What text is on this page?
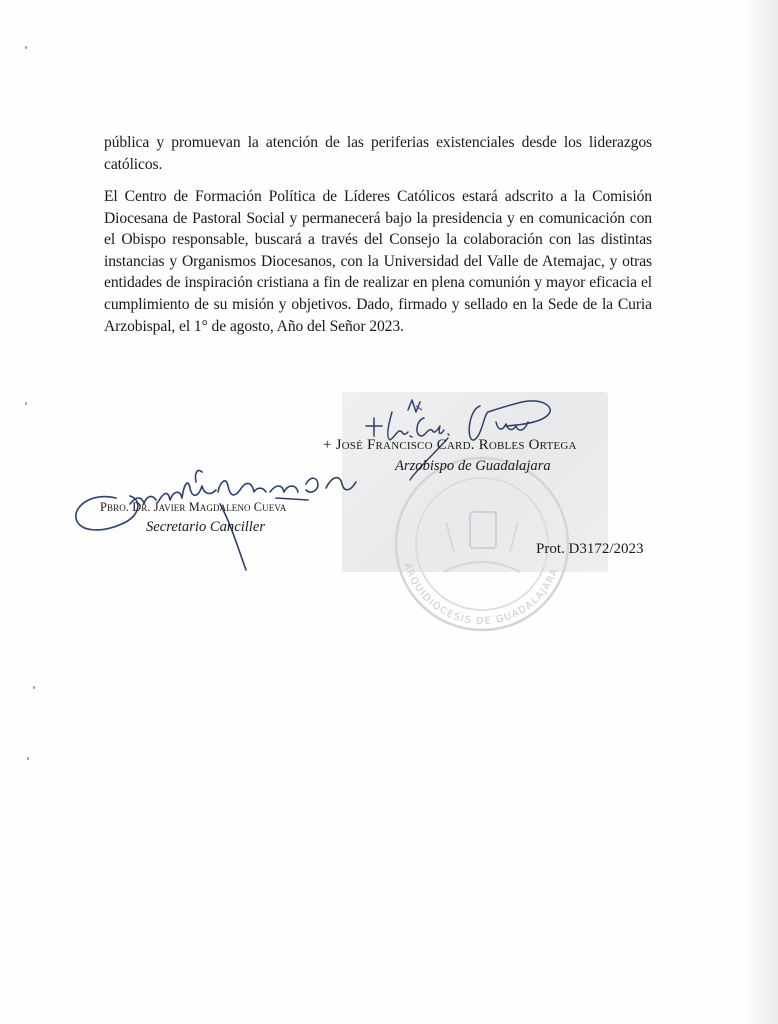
pública y promuevan la atención de las periferias existenciales desde los liderazgos católicos.

El Centro de Formación Política de Líderes Católicos estará adscrito a la Comisión Diocesana de Pastoral Social y permanecerá bajo la presidencia y en comunicación con el Obispo responsable, buscará a través del Consejo la colaboración con las distintas instancias y Organismos Diocesanos, con la Universidad del Valle de Atemajac, y otras entidades de inspiración cristiana a fin de realizar en plena comunión y mayor eficacia el cumplimiento de su misión y objetivos. Dado, firmado y sellado en la Sede de la Curia Arzobispal, el 1° de agosto, Año del Señor 2023.

ARQUIDIÓCESIS DE GUADALAJARA

+ José Francisco Card. Robles Ortega

Arzobispo de Guadalajara

Pbro. Dr. Javier Magdaleno Cueva

Secretario Canciller

Prot. D3172/2023
